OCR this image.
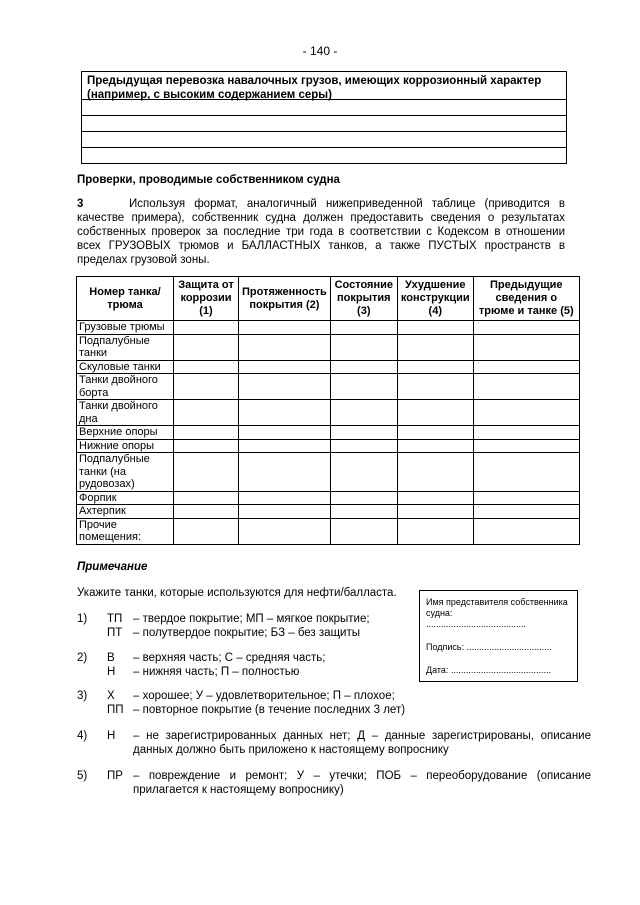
- 140 -
Предыдущая перевозка навалочных грузов, имеющих коррозионный характер (например, с высоким содержанием серы)
Проверки, проводимые собственником судна
3	Используя формат, аналогичный нижеприведенной таблице (приводится в качестве примера), собственник судна должен предоставить сведения о результатах собственных проверок за последние три года в соответствии с Кодексом в отношении всех ГРУЗОВЫХ трюмов и БАЛЛАСТНЫХ танков, а также ПУСТЫХ пространств в пределах грузовой зоны.
Номер танка/трюма	Защита от коррозии (1)	Протяженность покрытия (2)	Состояние покрытия (3)	Ухудшение конструкции (4)	Предыдущие сведения о трюме и танке (5)
Грузовые трюмы					
Подпалубные танки					
Скуловые танки					
Танки двойного борта					
Танки двойного дна					
Верхние опоры					
Нижние опоры					
Подпалубные танки (на рудовозах)					
Форпик					
Ахтерпик					
Прочие помещения:					
Примечание
Укажите танки, которые используются для нефти/балласта.
Имя представителя собственника судна:
........................................
Подпись: ..................................
Дата: ........................................
1) ТП – твердое покрытие; МП – мягкое покрытие;
ПТ – полутвердое покрытие; БЗ – без защиты
2) В – верхняя часть; С – средняя часть;
Н – нижняя часть; П – полностью
3) Х – хорошее; У – удовлетворительное; П – плохое;
ПП – повторное покрытие (в течение последних 3 лет)
4) Н – не зарегистрированных данных нет; Д – данные зарегистрированы, описание данных должно быть приложено к настоящему вопроснику
5) ПР – повреждение и ремонт; У – утечки; ПОБ – переоборудование (описание прилагается к настоящему вопроснику)
